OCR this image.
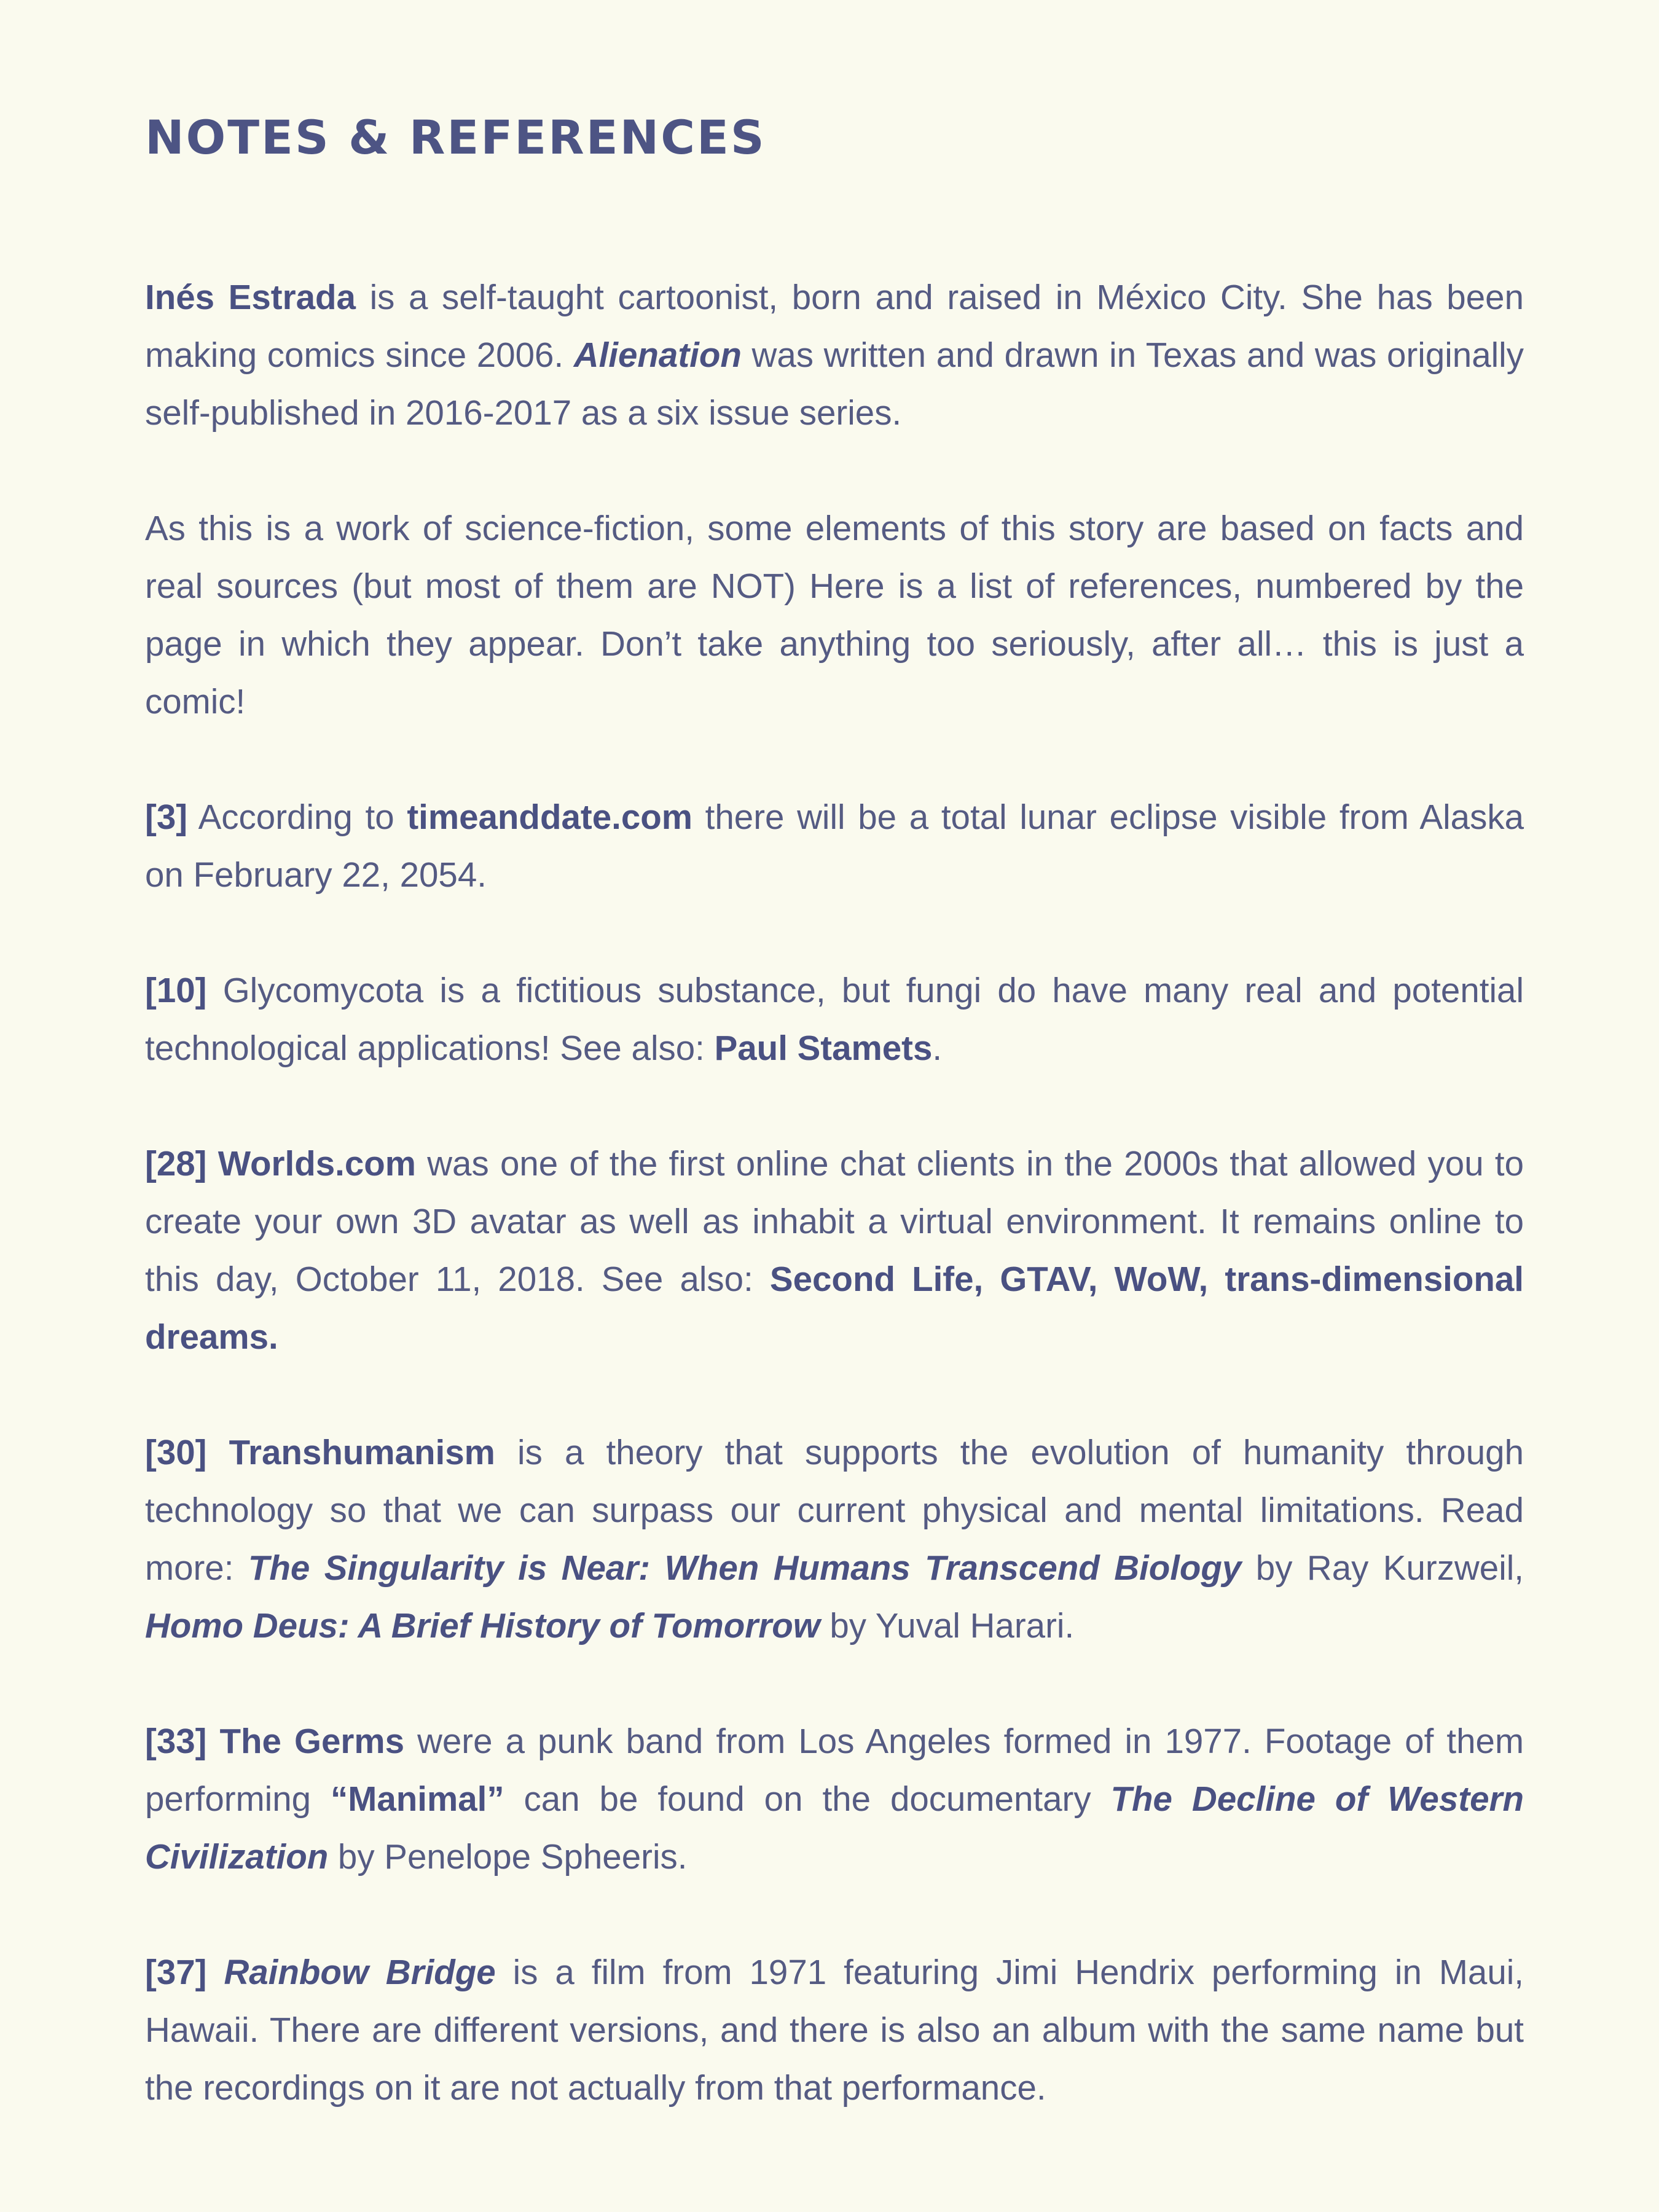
NOTES & REFERENCES

Inés Estrada is a self-taught cartoonist, born and raised in México City. She has been making comics since 2006. Alienation was written and drawn in Texas and was originally self-published in 2016-2017 as a six issue series.

As this is a work of science-fiction, some elements of this story are based on facts and real sources (but most of them are NOT) Here is a list of references, numbered by the page in which they appear. Don’t take anything too seriously, after all… this is just a comic!

[3] According to timeanddate.com there will be a total lunar eclipse visible from Alaska on February 22, 2054.

[10] Glycomycota is a fictitious substance, but fungi do have many real and potential technological applications! See also: Paul Stamets.

[28] Worlds.com was one of the first online chat clients in the 2000s that allowed you to create your own 3D avatar as well as inhabit a virtual environment. It remains online to this day, October 11, 2018. See also: Second Life, GTAV, WoW, trans-dimensional dreams.

[30] Transhumanism is a theory that supports the evolution of humanity through technology so that we can surpass our current physical and mental limitations. Read more: The Singularity is Near: When Humans Transcend Biology by Ray Kurzweil, Homo Deus: A Brief History of Tomorrow by Yuval Harari.

[33] The Germs were a punk band from Los Angeles formed in 1977. Footage of them performing “Manimal” can be found on the documentary The Decline of Western Civilization by Penelope Spheeris.

[37] Rainbow Bridge is a film from 1971 featuring Jimi Hendrix performing in Maui, Hawaii. There are different versions, and there is also an album with the same name but the recordings on it are not actually from that performance.
